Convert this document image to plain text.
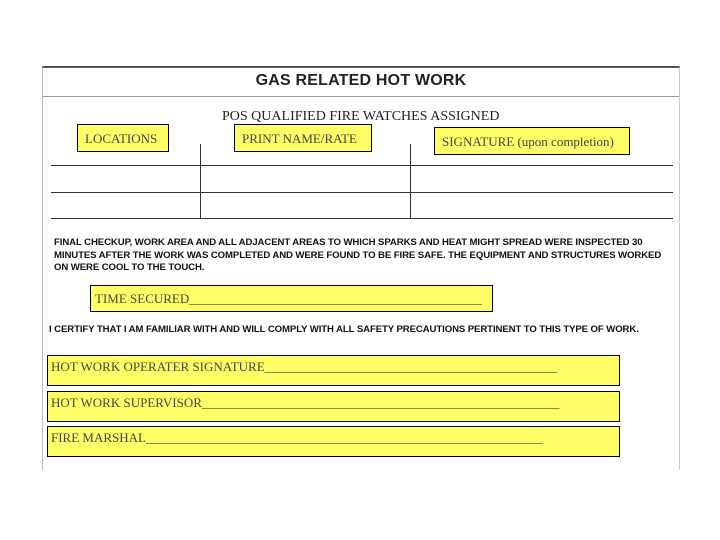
GAS RELATED HOT WORK
POS QUALIFIED FIRE WATCHES ASSIGNED
LOCATIONS	PRINT NAME/RATE	SIGNATURE (upon completion)
FINAL CHECKUP, WORK AREA AND ALL ADJACENT AREAS TO WHICH SPARKS AND HEAT MIGHT SPREAD WERE INSPECTED 30 MINUTES AFTER THE WORK WAS COMPLETED AND WERE FOUND TO BE FIRE SAFE. THE EQUIPMENT AND STRUCTURES WORKED ON WERE COOL TO THE TOUCH.
TIME SECURED_____________________________________________
I CERTIFY THAT I AM FAMILIAR WITH AND WILL COMPLY WITH ALL SAFETY PRECAUTIONS PERTINENT TO THIS TYPE OF WORK.
HOT WORK OPERATER SIGNATURE_____________________________________________
HOT WORK SUPERVISOR_______________________________________________________
FIRE MARSHAL_____________________________________________________________
